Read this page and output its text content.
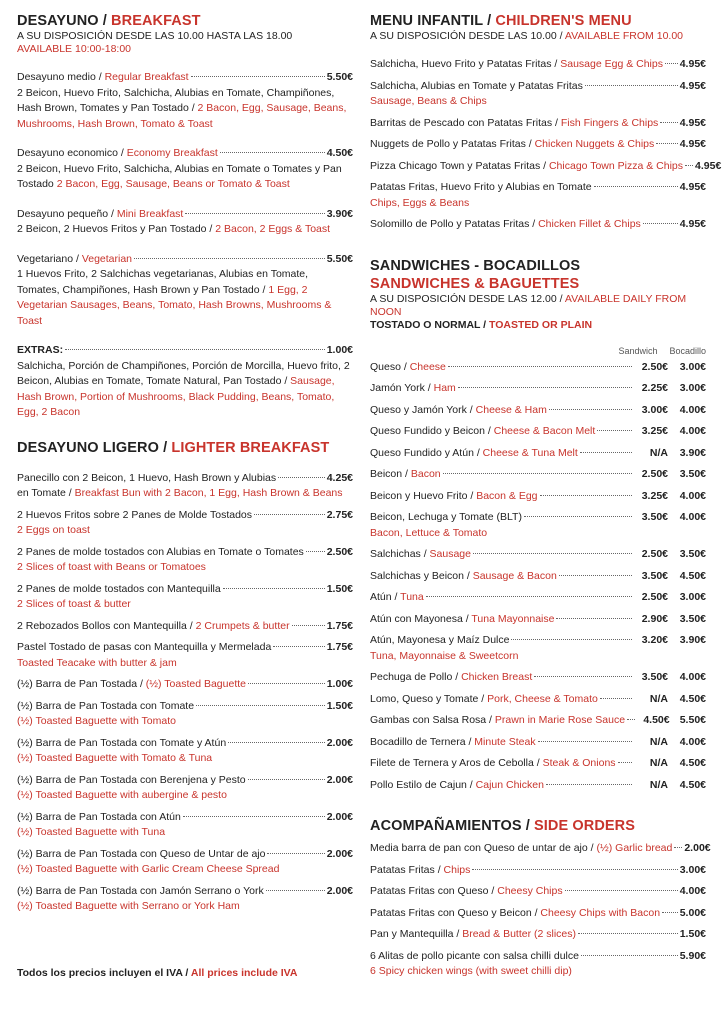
DESAYUNO / BREAKFAST
A SU DISPOSICIÓN DESDE LAS 10.00 HASTA LAS 18.00
AVAILABLE 10:00-18:00
Desayuno medio / Regular Breakfast	5.50€
2 Beicon, Huevo Frito, Salchicha, Alubias en Tomate, Champiñones, Hash Brown, Tomates y Pan Tostado / 2 Bacon, Egg, Sausage, Beans, Mushrooms, Hash Brown, Tomato & Toast
Desayuno economico / Economy Breakfast	4.50€
2 Beicon, Huevo Frito, Salchicha, Alubias en Tomate o Tomates y Pan Tostado 2 Bacon, Egg, Sausage, Beans or Tomato & Toast
Desayuno pequeño / Mini Breakfast	3.90€
2 Beicon, 2 Huevos Fritos y Pan Tostado / 2 Bacon, 2 Eggs & Toast
Vegetariano / Vegetarian	5.50€
1 Huevos Frito, 2 Salchichas vegetarianas, Alubias en Tomate, Tomates, Champiñones, Hash Brown y Pan Tostado / 1 Egg, 2 Vegetarian Sausages, Beans, Tomato, Hash Browns, Mushrooms & Toast
EXTRAS:	1.00€
Salchicha, Porción de Champiñones, Porción de Morcilla, Huevo frito, 2 Beicon, Alubias en Tomate, Tomate Natural, Pan Tostado / Sausage, Hash Brown, Portion of Mushrooms, Black Pudding, Beans, Tomato, Egg, 2 Bacon
DESAYUNO LIGERO / LIGHTER BREAKFAST
Panecillo con 2 Beicon, 1 Huevo, Hash Brown y Alubias	4.25€
en Tomate / Breakfast Bun with 2 Bacon, 1 Egg, Hash Brown & Beans
2 Huevos Fritos sobre 2 Panes de Molde Tostados	2.75€
2 Eggs on toast
2 Panes de molde tostados con Alubias en Tomate o Tomates 2.50€
2 Slices of toast with Beans or Tomatoes
2 Panes de molde tostados con Mantequilla	1.50€
2 Slices of toast & butter
2 Rebozados Bollos con Mantequilla / 2 Crumpets & butter	1.75€
Pastel Tostado de pasas con Mantequilla y Mermelada	1.75€
Toasted Teacake with butter & jam
(½) Barra de Pan Tostada / (½) Toasted Baguette	1.00€
(½) Barra de Pan Tostada con Tomate	1.50€
(½) Toasted Baguette with Tomato
(½) Barra de Pan Tostada con Tomate y Atún	2.00€
(½) Toasted Baguette with Tomato & Tuna
(½) Barra de Pan Tostada con Berenjena y Pesto	2.00€
(½) Toasted Baguette with aubergine & pesto
(½) Barra de Pan Tostada con Atún	2.00€
(½) Toasted Baguette with Tuna
(½) Barra de Pan Tostada con Queso de Untar de ajo	2.00€
(½) Toasted Baguette with Garlic Cream Cheese Spread
(½) Barra de Pan Tostada con Jamón Serrano o York	2.00€
(½) Toasted Baguette with Serrano or York Ham
Todos los precios incluyen el IVA / All prices include IVA
MENU INFANTIL / CHILDREN'S MENU
A SU DISPOSICIÓN DESDE LAS 10.00 / AVAILABLE FROM 10.00
Salchicha, Huevo Frito y Patatas Fritas / Sausage Egg & Chips 4.95€
Salchicha, Alubias en Tomate y Patatas Fritas	4.95€
Sausage, Beans & Chips
Barritas de Pescado con Patatas Fritas / Fish Fingers & Chips 4.95€
Nuggets de Pollo y Patatas Fritas / Chicken Nuggets & Chips 4.95€
Pizza Chicago Town y Patatas Fritas / Chicago Town Pizza & Chips 4.95€
Patatas Fritas, Huevo Frito y Alubias en Tomate	4.95€
Chips, Eggs & Beans
Solomillo de Pollo y Patatas Fritas / Chicken Fillet & Chips	4.95€
SANDWICHES - BOCADILLOS
SANDWICHES & BAGUETTES
A SU DISPOSICIÓN DESDE LAS 12.00 / AVAILABLE DAILY FROM NOON
TOSTADO O NORMAL / TOASTED OR PLAIN
Sandwich Bocadillo
Queso / Cheese	2.50€	3.00€
Jamón York / Ham	2.25€	3.00€
Queso y Jamón York / Cheese & Ham	3.00€	4.00€
Queso Fundido y Beicon / Cheese & Bacon Melt	3.25€	4.00€
Queso Fundido y Atún / Cheese & Tuna Melt	N/A	3.90€
Beicon / Bacon	2.50€	3.50€
Beicon y Huevo Frito / Bacon & Egg	3.25€	4.00€
Beicon, Lechuga y Tomate (BLT)	3.50€	4.00€
Bacon, Lettuce & Tomato
Salchichas / Sausage	2.50€	3.50€
Salchichas y Beicon / Sausage & Bacon	3.50€	4.50€
Atún / Tuna	2.50€	3.00€
Atún con Mayonesa / Tuna Mayonnaise	2.90€	3.50€
Atún, Mayonesa y Maíz Dulce	3.20€	3.90€
Tuna, Mayonnaise & Sweetcorn
Pechuga de Pollo / Chicken Breast	3.50€	4.00€
Lomo, Queso y Tomate / Pork, Cheese & Tomato	N/A	4.50€
Gambas con Salsa Rosa / Prawn in Marie Rose Sauce	4.50€ 5.50€
Bocadillo de Ternera / Minute Steak	N/A	4.00€
Filete de Ternera y Aros de Cebolla / Steak & Onions	N/A	4.50€
Pollo Estilo de Cajun / Cajun Chicken	N/A	4.50€
ACOMPAÑAMIENTOS / SIDE ORDERS
Media barra de pan con Queso de untar de ajo / (½) Garlic bread 2.00€
Patatas Fritas / Chips	3.00€
Patatas Fritas con Queso / Cheesy Chips	4.00€
Patatas Fritas con Queso y Beicon / Cheesy Chips with Bacon 5.00€
Pan y Mantequilla / Bread & Butter (2 slices)	1.50€
6 Alitas de pollo picante con salsa chilli dulce	5.90€
6 Spicy chicken wings (with sweet chilli dip)
